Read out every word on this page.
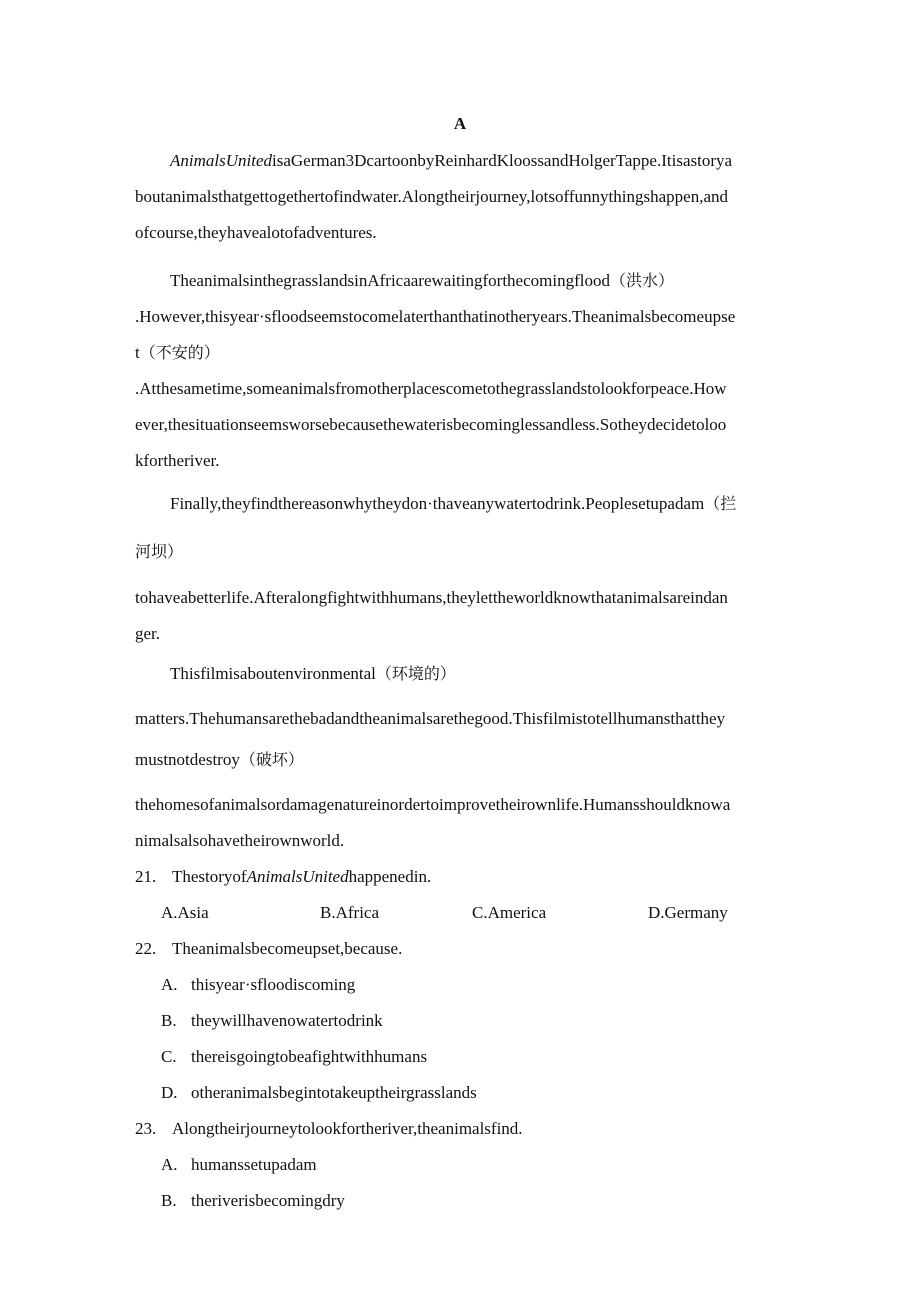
A
AnimalsUnitedisaGerman3DcartoonbyReinhardKloossandHolgerTappe.Itisastorya
boutanimalsthatgettogethertofindwater.Alongtheirjourney,lotsoffunnythingshappen,and
ofcourse,theyhavealotofadventures.
TheanimalsinthegrasslandsinAfricaarewaitingforthecomingflood（洪水）
.However,thisyear·sfloodseemstocomelaterthanthatinotheryears.Theanimalsbecomeupse
t（不安的）
.Atthesametime,someanimalsfromotherplacescometothegrasslandstolookforpeace.How
ever,thesituationseemsworsebecausethewaterisbecominglessandless.Sotheydecidetoloo
kfortheriver.
Finally,theyfindthereasonwhytheydon·thaveanywatertodrink.Peoplesetupadam（拦
河坝）
tohaveabetterlife.Afteralongfightwithhumans,theylettheworldknowthatanimalsareindan
ger.
Thisfilmisaboutenvironmental（环境的）
matters.Thehumansarethebadandtheanimalsarethegood.Thisfilmistotellhumansthatthey
mustnotdestroy（破坏）
thehomesofanimalsordamagenatureinordertoimprovetheirownlife.Humansshouldknowa
nimalsalsohavetheirownworld.
21. ThestoryofAnimalsUnitedhappenedin.
A.Asia	B.Africa	C.America	D.Germany
22. Theanimalsbecomeupset,because.
A. thisyear·sfloodiscoming
B. theywillhavenowatertodrink
C. thereisgoingtobeafightwithhumans
D. otheranimalsbegintotakeuptheirgrasslands
23. Alongtheirjourneytolookfortheriver,theanimalsfind.
A. humanssetupadam
B. theriverisbecomingdry
